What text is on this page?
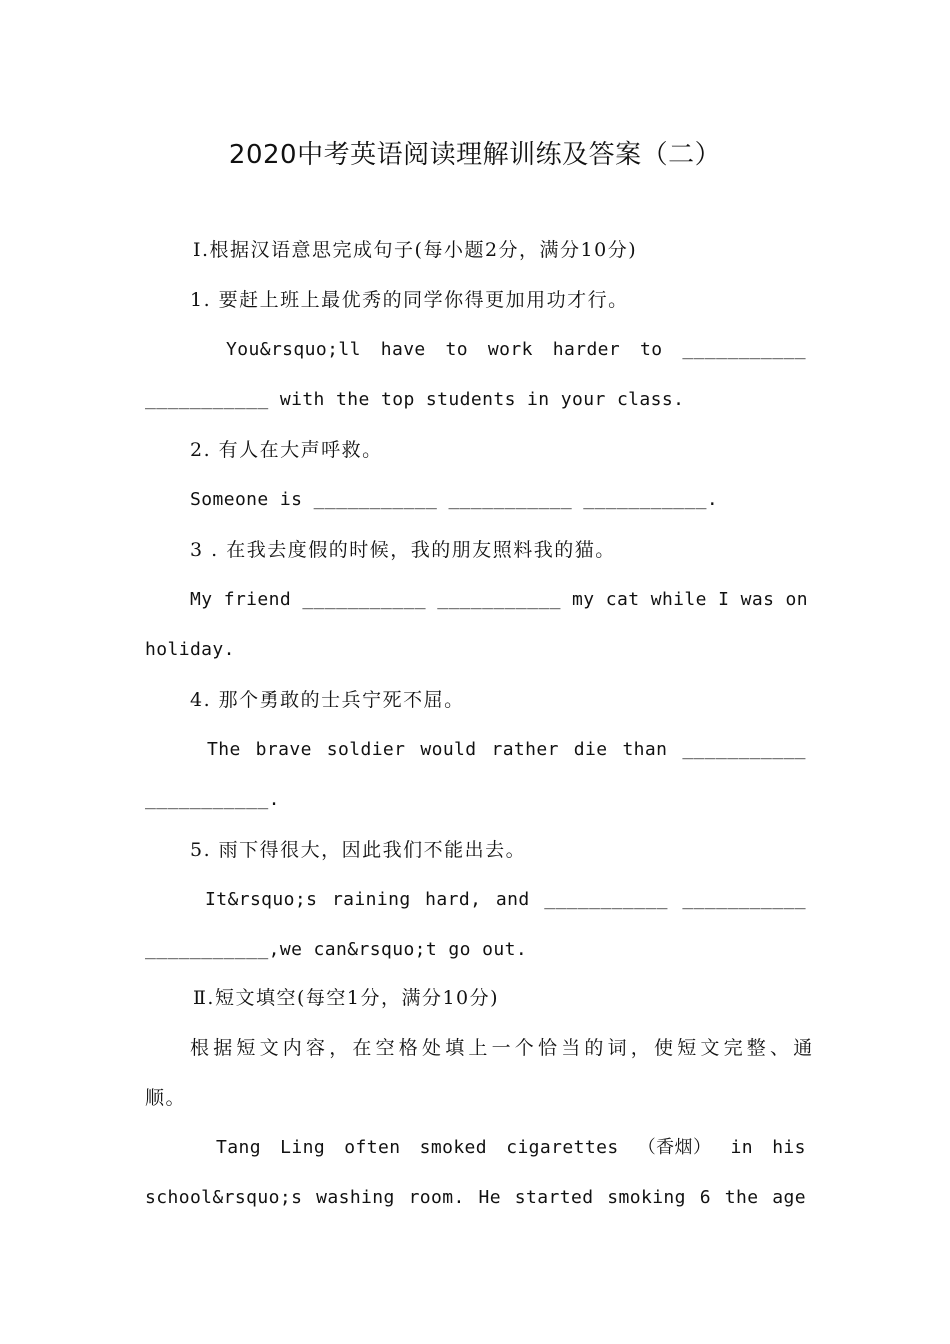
2020中考英语阅读理解训练及答案（二）
Ⅰ.根据汉语意思完成句子(每小题2分，满分10分)
1. 要赶上班上最优秀的同学你得更加用功才行。
You&rsquo;ll have to work harder to ___________
___________ with the top students in your class.
2. 有人在大声呼救。
Someone is ___________ ___________ ___________.
3 . 在我去度假的时候，我的朋友照料我的猫。
My friend ___________ ___________ my cat while I was on
holiday.
4. 那个勇敢的士兵宁死不屈。
The brave soldier would rather die than ___________
___________.
5. 雨下得很大，因此我们不能出去。
It&rsquo;s raining hard, and ___________ ___________
___________,we can&rsquo;t go out.
Ⅱ.短文填空(每空1分，满分10分)
根据短文内容，在空格处填上一个恰当的词，使短文完整、通
顺。
Tang Ling often smoked cigarettes （香烟） in his
school&rsquo;s washing room. He started smoking 6 the age
